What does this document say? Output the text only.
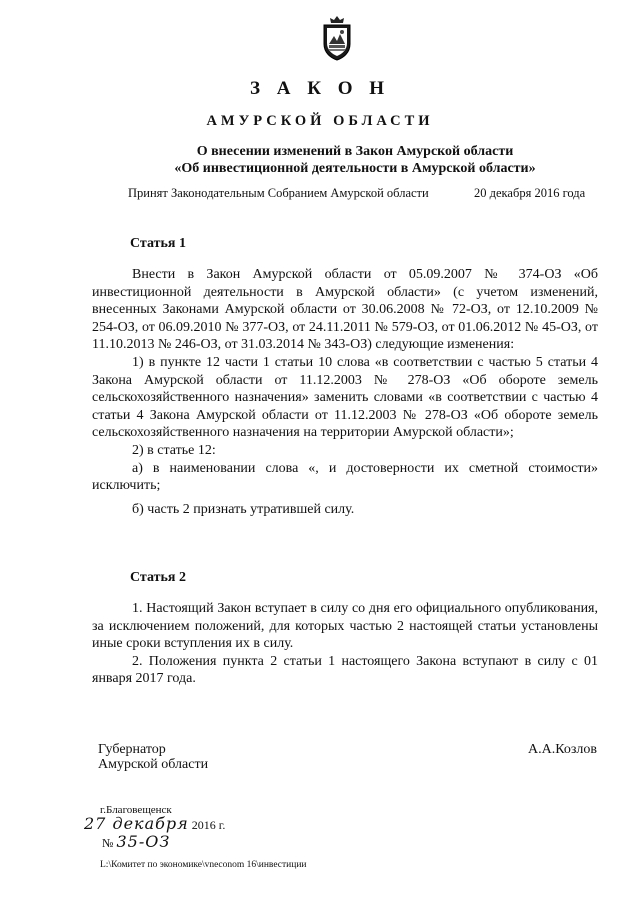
З А К О Н
АМУРСКОЙ ОБЛАСТИ
О внесении изменений в Закон Амурской области
«Об инвестиционной деятельности в Амурской области»
Принят Законодательным Собранием Амурской области	20 декабря 2016 года
Статья 1

Внести в Закон Амурской области от 05.09.2007 № 374-ОЗ «Об инвестиционной деятельности в Амурской области» (с учетом изменений, внесенных Законами Амурской области от 30.06.2008 № 72-ОЗ, от 12.10.2009 № 254-ОЗ, от 06.09.2010 № 377-ОЗ, от 24.11.2011 № 579-ОЗ, от 01.06.2012 № 45-ОЗ, от 11.10.2013 № 246-ОЗ, от 31.03.2014 № 343-ОЗ) следующие изменения:

1) в пункте 12 части 1 статьи 10 слова «в соответствии с частью 5 статьи 4 Закона Амурской области от 11.12.2003 № 278-ОЗ «Об обороте земель сельскохозяйственного назначения» заменить словами «в соответствии с частью 4 статьи 4 Закона Амурской области от 11.12.2003 № 278-ОЗ «Об обороте земель сельскохозяйственного назначения на территории Амурской области»;

2) в статье 12:

а) в наименовании слова «, и достоверности их сметной стоимости» исключить;

б) часть 2 признать утратившей силу.

Статья 2

1. Настоящий Закон вступает в силу со дня его официального опубликования, за исключением положений, для которых частью 2 настоящей статьи установлены иные сроки вступления их в силу.

2. Положения пункта 2 статьи 1 настоящего Закона вступают в силу с 01 января 2017 года.

Губернатор
Амурской области
А.А.Козлов
г.Благовещенск
27 декабря 2016 г.
№ 35-ОЗ
L:\Комитет по экономике\vneconom 16\инвестиции
